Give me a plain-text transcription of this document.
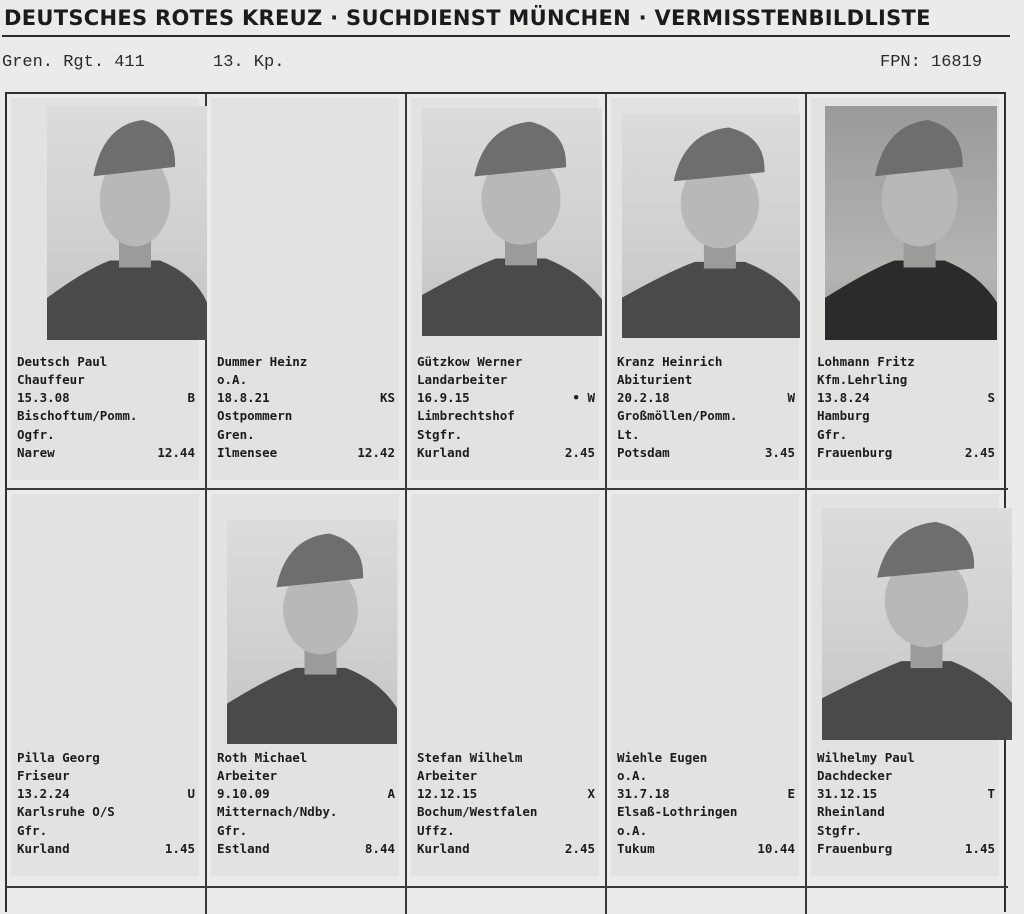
DEUTSCHES ROTES KREUZ · SUCHDIENST MÜNCHEN · VERMISSTENBILDLISTE
Gren. Rgt. 411	13. Kp.	FPN: 16819
Deutsch Paul
Chauffeur
15.3.08	B
Bischoftum/Pomm.
Ogfr.
Narew	12.44
Dummer Heinz
o.A.
18.8.21	KS
Ostpommern
Gren.
Ilmensee	12.42
Gützkow Werner
Landarbeiter
16.9.15	• W
Limbrechtshof
Stgfr.
Kurland	2.45
Kranz Heinrich
Abiturient
20.2.18	W
Großmöllen/Pomm.
Lt.
Potsdam	3.45
Lohmann Fritz
Kfm.Lehrling
13.8.24	S
Hamburg
Gfr.
Frauenburg	2.45
Pilla Georg
Friseur
13.2.24	U
Karlsruhe O/S
Gfr.
Kurland	1.45
Roth Michael
Arbeiter
9.10.09	A
Mitternach/Ndby.
Gfr.
Estland	8.44
Stefan Wilhelm
Arbeiter
12.12.15	X
Bochum/Westfalen
Uffz.
Kurland	2.45
Wiehle Eugen
o.A.
31.7.18	E
Elsaß-Lothringen
o.A.
Tukum	10.44
Wilhelmy Paul
Dachdecker
31.12.15	T
Rheinland
Stgfr.
Frauenburg	1.45
